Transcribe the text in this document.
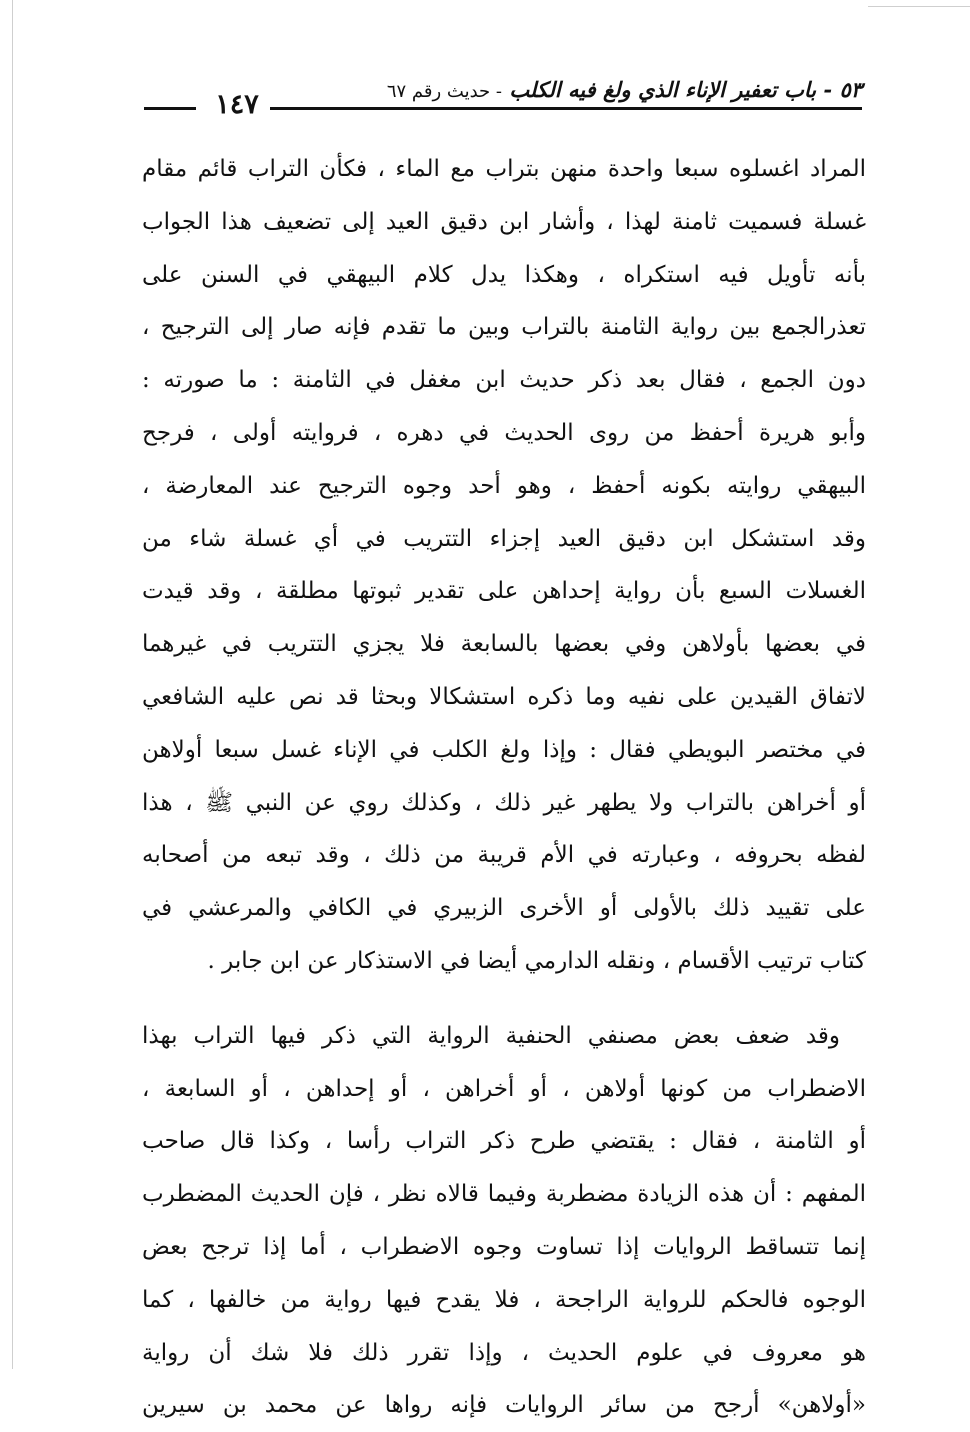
١٤٧	٥٣ - باب تعفير الإناء الذي ولغ فيه الكلب - حديث رقم ٦٧
المراد اغسلوه سبعا واحدة منهن بتراب مع الماء ، فكأن التراب قائم مقام
غسلة فسميت ثامنة لهذا ، وأشار ابن دقيق العيد إلى تضعيف هذا الجواب
بأنه تأويل فيه استكراه ، وهكذا يدل كلام البيهقي في السنن على
تعذرالجمع بين رواية الثامنة بالتراب وبين ما تقدم فإنه صار إلى الترجيح ،
دون الجمع ، فقال بعد ذكر حديث ابن مغفل في الثامنة : ما صورته :
وأبو هريرة أحفظ من روى الحديث في دهره ، فروايته أولى ، فرجح
البيهقي روايته بكونه أحفظ ، وهو أحد وجوه الترجيح عند المعارضة ،
وقد استشكل ابن دقيق العيد إجزاء التتريب في أي غسلة شاء من
الغسلات السبع بأن رواية إحداهن على تقدير ثبوتها مطلقة ، وقد قيدت
في بعضها بأولاهن وفي بعضها بالسابعة فلا يجزي التتريب في غيرهما
لاتفاق القيدين على نفيه وما ذكره استشكالا وبحثا قد نص عليه الشافعي
في مختصر البويطي فقال : وإذا ولغ الكلب في الإناء غسل سبعا أولاهن
أو أخراهن بالتراب ولا يطهر غير ذلك ، وكذلك روي عن النبي ﷺ ، هذا
لفظه بحروفه ، وعبارته في الأم قريبة من ذلك ، وقد تبعه من أصحابه
على تقييد ذلك بالأولى أو الأخرى الزبيري في الكافي والمرعشي في
كتاب ترتيب الأقسام ، ونقله الدارمي أيضا في الاستذكار عن ابن جابر .
وقد ضعف بعض مصنفي الحنفية الرواية التي ذكر فيها التراب بهذا
الاضطراب من كونها أولاهن ، أو أخراهن ، أو إحداهن ، أو السابعة ،
أو الثامنة ، فقال : يقتضي طرح ذكر التراب رأسا ، وكذا قال صاحب
المفهم : أن هذه الزيادة مضطربة وفيما قالاه نظر ، فإن الحديث المضطرب
إنما تتساقط الروايات إذا تساوت وجوه الاضطراب ، أما إذا ترجح بعض
الوجوه فالحكم للرواية الراجحة ، فلا يقدح فيها رواية من خالفها ، كما
هو معروف في علوم الحديث ، وإذا تقرر ذلك فلا شك أن رواية
«أولاهن» أرجح من سائر الروايات فإنه رواها عن محمد بن سيرين
